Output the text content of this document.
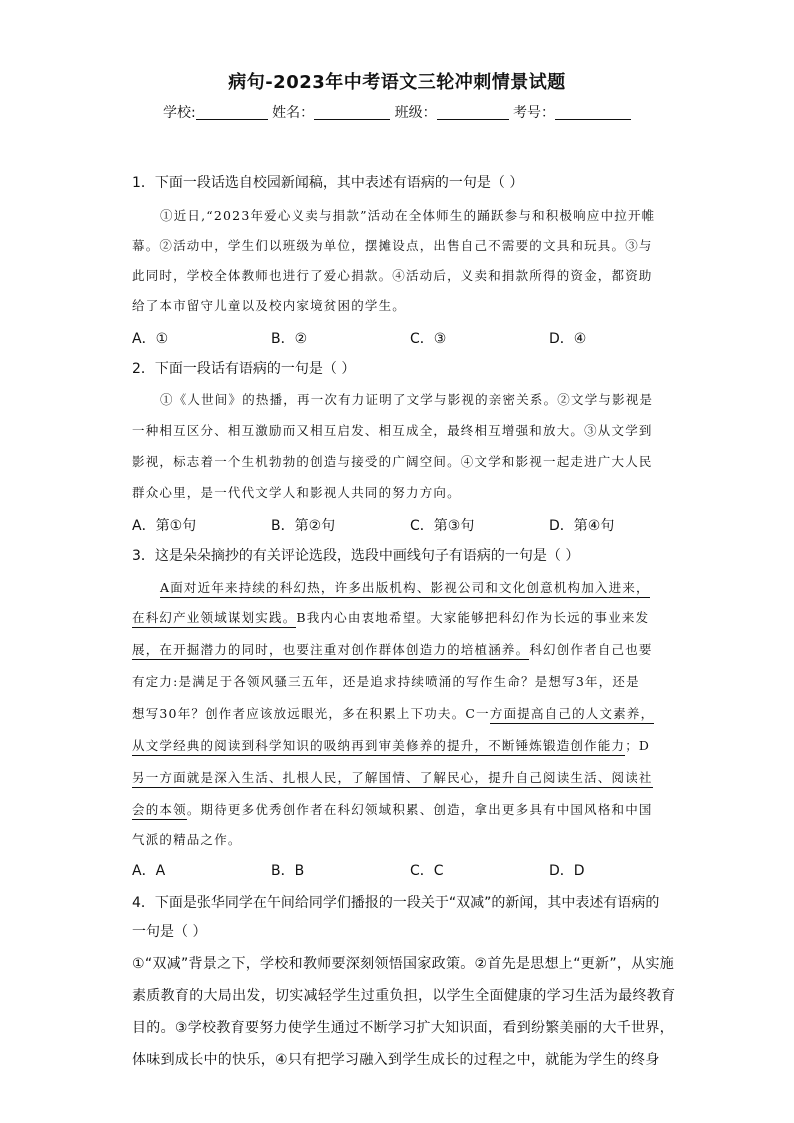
病句-2023年中考语文三轮冲刺情景试题
学校:	姓名：	班级：	考号：
1．下面一段话选自校园新闻稿，其中表述有语病的一句是（ ）
①近日,“2023年爱心义卖与捐款”活动在全体师生的踊跃参与和积极响应中拉开帷
幕。②活动中，学生们以班级为单位，摆摊设点，出售自己不需要的文具和玩具。③与
此同时，学校全体教师也进行了爱心捐款。④活动后，义卖和捐款所得的资金，都资助
给了本市留守儿童以及校内家境贫困的学生。
A．①	B．②	C．③	D．④
2．下面一段话有语病的一句是（ ）
①《人世间》的热播，再一次有力证明了文学与影视的亲密关系。②文学与影视是
一种相互区分、相互激励而又相互启发、相互成全，最终相互增强和放大。③从文学到
影视，标志着一个生机勃勃的创造与接受的广阔空间。④文学和影视一起走进广大人民
群众心里，是一代代文学人和影视人共同的努力方向。
A．第①句	B．第②句	C．第③句	D．第④句
3．这是朵朵摘抄的有关评论选段，选段中画线句子有语病的一句是（ ）
A面对近年来持续的科幻热，许多出版机构、影视公司和文化创意机构加入进来，
在科幻产业领域谋划实践。B我内心由衷地希望。大家能够把科幻作为长远的事业来发
展，在开掘潜力的同时，也要注重对创作群体创造力的培植涵养。科幻创作者自己也要
有定力:是满足于各领风骚三五年，还是追求持续喷涌的写作生命？是想写3年，还是
想写30年？创作者应该放远眼光，多在积累上下功夫。C一方面提高自己的人文素养，
从文学经典的阅读到科学知识的吸纳再到审美修养的提升，不断锤炼锻造创作能力；D
另一方面就是深入生活、扎根人民，了解国情、了解民心，提升自己阅读生活、阅读社
会的本领。期待更多优秀创作者在科幻领域积累、创造，拿出更多具有中国风格和中国
气派的精品之作。
A．A	B．B	C．C	D．D
4．下面是张华同学在午间给同学们播报的一段关于“双减”的新闻，其中表述有语病的
一句是（ ）
①“双减”背景之下，学校和教师要深刻领悟国家政策。②首先是思想上“更新”，从实施
素质教育的大局出发，切实减轻学生过重负担，以学生全面健康的学习生活为最终教育
目的。③学校教育要努力使学生通过不断学习扩大知识面，看到纷繁美丽的大千世界，
体味到成长中的快乐，④只有把学习融入到学生成长的过程之中，就能为学生的终身
